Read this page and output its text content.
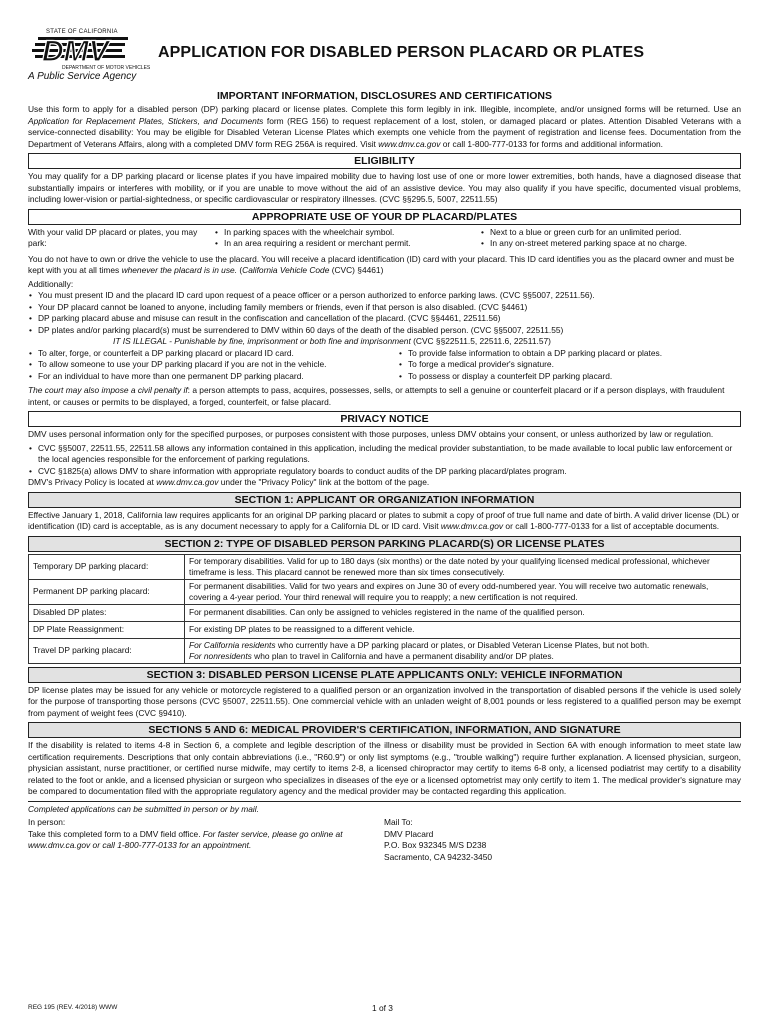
STATE OF CALIFORNIA
DMV
DEPARTMENT OF MOTOR VEHICLES
A Public Service Agency
APPLICATION FOR DISABLED PERSON PLACARD OR PLATES
IMPORTANT INFORMATION, DISCLOSURES AND CERTIFICATIONS

Use this form to apply for a disabled person (DP) parking placard or license plates. Complete this form legibly in ink. Illegible, incomplete, and/or unsigned forms will be returned. Use an Application for Replacement Plates, Stickers, and Documents form (REG 156) to request replacement of a lost, stolen, or damaged placard or plates. Attention Disabled Veterans with a service-connected disability: You may be eligible for Disabled Veteran License Plates which exempts one vehicle from the payment of registration and license fees. Documentation from the Department of Veterans Affairs, along with a completed DMV form REG 256A is required. Visit www.dmv.ca.gov or call 1-800-777-0133 for forms and additional information.

ELIGIBILITY

You may qualify for a DP parking placard or license plates if you have impaired mobility due to having lost use of one or more lower extremities, both hands, have a diagnosed disease that substantially impairs or interferes with mobility, or if you are unable to move without the aid of an assistive device. You may also qualify if you have specific, documented visual problems, including lower-vision or partial-sightedness, or specific cardiovascular or respiratory illnesses. (CVC §§295.5, 5007, 22511.55)

APPROPRIATE USE OF YOUR DP PLACARD/PLATES
With your valid DP placard or plates, you may park:
• In parking spaces with the wheelchair symbol.
• In an area requiring a resident or merchant permit.
• Next to a blue or green curb for an unlimited period.
• In any on-street metered parking space at no charge.

You do not have to own or drive the vehicle to use the placard. You will receive a placard identification (ID) card with your placard. This ID card identifies you as the placard owner and must be kept with you at all times whenever the placard is in use. (California Vehicle Code (CVC) §4461)

Additionally:

• You must present ID and the placard ID card upon request of a peace officer or a person authorized to enforce parking laws. (CVC §§5007, 22511.56).
• Your DP placard cannot be loaned to anyone, including family members or friends, even if that person is also disabled. (CVC §4461)
• DP parking placard abuse and misuse can result in the confiscation and cancellation of the placard. (CVC §§4461, 22511.56)
• DP plates and/or parking placard(s) must be surrendered to DMV within 60 days of the death of the disabled person. (CVC §§5007, 22511.55)

IT IS ILLEGAL - Punishable by fine, imprisonment or both fine and imprisonment (CVC §§22511.5, 22511.6, 22511.57)

• To alter, forge, or counterfeit a DP parking placard or placard ID card.
• To allow someone to use your DP parking placard if you are not in the vehicle.
• For an individual to have more than one permanent DP parking placard.
• To provide false information to obtain a DP parking placard or plates.
• To forge a medical provider's signature.
• To possess or display a counterfeit DP parking placard.

The court may also impose a civil penalty if: a person attempts to pass, acquires, possesses, sells, or attempts to sell a genuine or counterfeit placard or if a person displays, with fraudulent intent, or causes or permits to be displayed, a forged, counterfeit, or false placard.

PRIVACY NOTICE

DMV uses personal information only for the specified purposes, or purposes consistent with those purposes, unless DMV obtains your consent, or unless authorized by law or regulation.

• CVC §§5007, 22511.55, 22511.58 allows any information contained in this application, including the medical provider substantiation, to be made available to local public law enforcement or the local agencies responsible for the enforcement of parking regulations.
• CVC §1825(a) allows DMV to share information with appropriate regulatory boards to conduct audits of the DP parking placard/plates program.

DMV's Privacy Policy is located at www.dmv.ca.gov under the "Privacy Policy" link at the bottom of the page.

SECTION 1: APPLICANT OR ORGANIZATION INFORMATION

Effective January 1, 2018, California law requires applicants for an original DP parking placard or plates to submit a copy of proof of true full name and date of birth. A valid driver license (DL) or identification (ID) card is acceptable, as is any document necessary to apply for a California DL or ID card. Visit www.dmv.ca.gov or call 1-800-777-0133 for a list of acceptable documents.

SECTION 2: TYPE OF DISABLED PERSON PARKING PLACARD(S) OR LICENSE PLATES
Temporary DP parking placard:	For temporary disabilities. Valid for up to 180 days (six months) or the date noted by your qualifying licensed medical professional, whichever timeframe is less. This placard cannot be renewed more than six times consecutively.
Permanent DP parking placard:	For permanent disabilities. Valid for two years and expires on June 30 of every odd-numbered year. You will receive two automatic renewals, covering a 4-year period. Your third renewal will require you to reapply; a new certification is not required.
Disabled DP plates:	For permanent disabilities. Can only be assigned to vehicles registered in the name of the qualified person.
DP Plate Reassignment:	For existing DP plates to be reassigned to a different vehicle.
Travel DP parking placard:	For California residents who currently have a DP parking placard or plates, or Disabled Veteran License Plates, but not both.
For nonresidents who plan to travel in California and have a permanent disability and/or DP plates.
SECTION 3: DISABLED PERSON LICENSE PLATE APPLICANTS ONLY: VEHICLE INFORMATION

DP license plates may be issued for any vehicle or motorcycle registered to a qualified person or an organization involved in the transportation of disabled persons if the vehicle is used solely for the purpose of transporting those persons (CVC §5007, 22511.55). One commercial vehicle with an unladen weight of 8,001 pounds or less registered to a qualified person may be exempt from payment of weight fees (CVC §9410).

SECTIONS 5 AND 6: MEDICAL PROVIDER'S CERTIFICATION, INFORMATION, AND SIGNATURE

If the disability is related to items 4-8 in Section 6, a complete and legible description of the illness or disability must be provided in Section 6A with enough information to meet state law certification requirements. Descriptions that only contain abbreviations (i.e., "R60.9") or only list symptoms (e.g., "trouble walking") require further explanation. A licensed physician, surgeon, physician assistant, nurse practitioner, or certified nurse midwife, may certify to items 2-8, a licensed chiropractor may certify to items 6-8 only, a licensed podiatrist may certify to a disability related to the foot or ankle, and a licensed physician or surgeon who specializes in diseases of the eye or a licensed optometrist may only certify to item 1. The medical provider's signature may be compared to documentation filed with the appropriate regulatory agency and the medical provider may be contacted regarding this application.

Completed applications can be submitted in person or by mail.

In person:

Take this completed form to a DMV field office. For faster service, please go online at www.dmv.ca.gov or call 1-800-777-0133 for an appointment.

Mail To:

DMV Placard

P.O. Box 932345 M/S D238

Sacramento, CA 94232-3450

REG 195 (REV. 4/2018) WWW	1 of 3
